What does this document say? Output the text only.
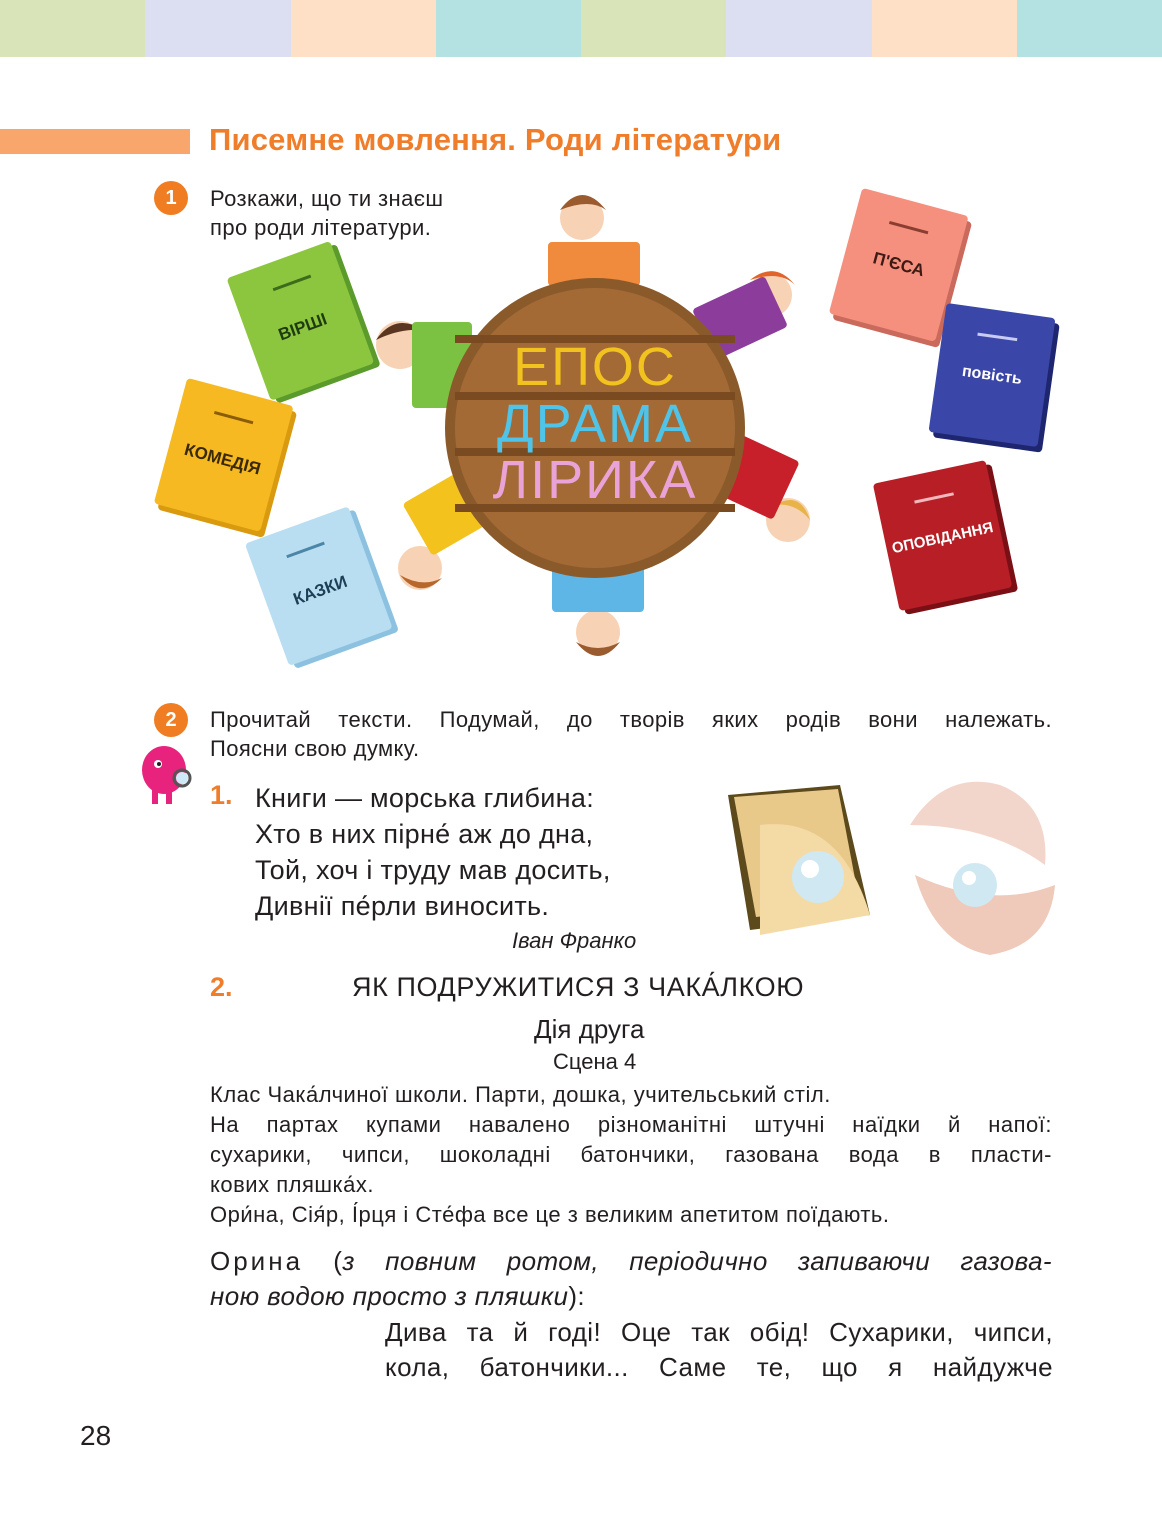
Писемне мовлення. Роди літератури
1	Розкажи, що ти знаєш
про роди літератури.
ЕПОС
ДРАМА
ЛІРИКА
ВІРШІ
КОМЕДІЯ
КАЗКИ
П'ЄСА
повість
ОПОВІДАННЯ
2	Прочитай тексти. Подумай, до творів яких родів вони належать.
Поясни свою думку.
1. Книги — морська глибина:
Хто в них пірне́ аж до дна,
Той, хоч і труду мав досить,
Дивнії пе́рли виносить.
Іван Франко
2.	ЯК ПОДРУЖИТИСЯ З ЧАКА́ЛКОЮ
Дія друга
Сцена 4
Клас Чака́лчиної школи. Парти, дошка, учительський стіл.
На партах купами навалено різноманітні штучні наїдки й напої:
сухарики, чипси, шоколадні батончики, газована вода в пласти-
кових пляшка́х.
Ори́на, Сія́р, І́рця і Сте́фа все це з великим апетитом поїдають.
Орина (з повним ротом, періодично запиваючи газова-
ною водою просто з пляшки):
Дива та й годі! Оце так обід! Сухарики, чипси,
кола, батончики... Саме те, що я найдужче
28
